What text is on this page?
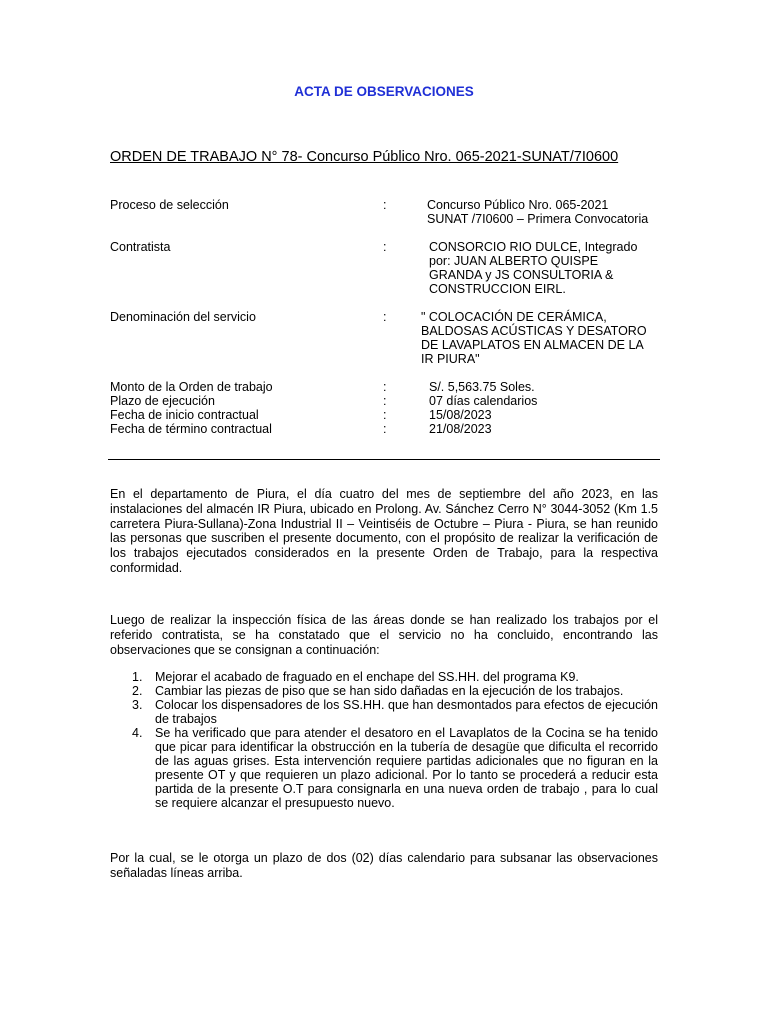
ACTA DE OBSERVACIONES
ORDEN DE TRABAJO N° 78- Concurso Público Nro. 065-2021-SUNAT/7I0600
Proceso de selección	:	Concurso Público Nro. 065-2021
SUNAT /7I0600 – Primera Convocatoria
Contratista	:	CONSORCIO RIO DULCE, Integrado
por: JUAN ALBERTO QUISPE
GRANDA y JS CONSULTORIA &
CONSTRUCCION EIRL.
Denominación del servicio	:	" COLOCACIÓN DE CERÁMICA,
BALDOSAS ACÚSTICAS Y DESATORO
DE LAVAPLATOS EN ALMACEN DE LA
IR PIURA"
Monto de la Orden de trabajo	:	S/. 5,563.75 Soles.
Plazo de ejecución	:	07 días calendarios
Fecha de inicio contractual	:	15/08/2023
Fecha de término contractual	:	21/08/2023

En el departamento de Piura, el día cuatro del mes de septiembre del año 2023, en las instalaciones del almacén IR Piura, ubicado en Prolong. Av. Sánchez Cerro N° 3044-3052 (Km 1.5 carretera Piura-Sullana)-Zona Industrial II – Veintiséis de Octubre – Piura - Piura, se han reunido las personas que suscriben el presente documento, con el propósito de realizar la verificación de los trabajos ejecutados considerados en la presente Orden de Trabajo, para la respectiva conformidad.

Luego de realizar la inspección física de las áreas donde se han realizado los trabajos por el referido contratista, se ha constatado que el servicio no ha concluido, encontrando las observaciones que se consignan a continuación:

1. Mejorar el acabado de fraguado en el enchape del SS.HH. del programa K9.
2. Cambiar las piezas de piso que se han sido dañadas en la ejecución de los trabajos.
3. Colocar los dispensadores de los SS.HH. que han desmontados para efectos de ejecución de trabajos
4. Se ha verificado que para atender el desatoro en el Lavaplatos de la Cocina se ha tenido que picar para identificar la obstrucción en la tubería de desagüe que dificulta el recorrido de las aguas grises. Esta intervención requiere partidas adicionales que no figuran en la presente OT y que requieren un plazo adicional. Por lo tanto se procederá a reducir esta partida de la presente O.T para consignarla en una nueva orden de trabajo , para lo cual se requiere alcanzar el presupuesto nuevo.

Por la cual, se le otorga un plazo de dos (02) días calendario para subsanar las observaciones señaladas líneas arriba.
